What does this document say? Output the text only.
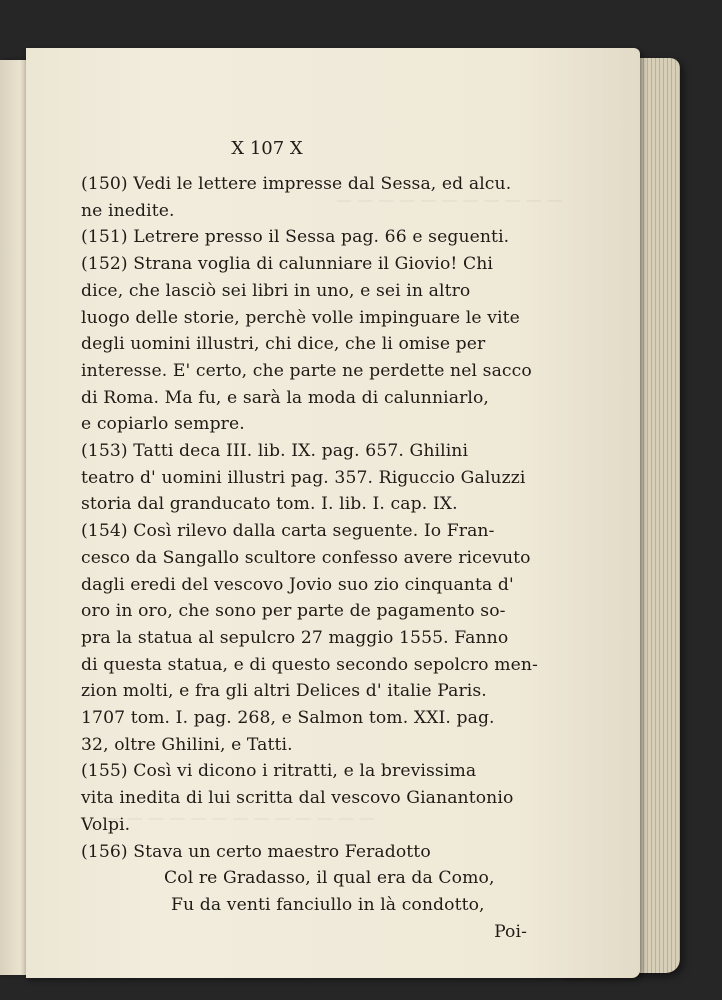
— — — — — — — — — — —
— — — — — — — — — — — — —
X 107 X
(150) Vedi le lettere impresse dal Sessa, ed alcu.
ne inedite.
(151) Letrere presso il Sessa pag. 66 e seguenti.
(152) Strana voglia di calunniare il Giovio! Chi
dice, che lasciò sei libri in uno, e sei in altro
luogo delle storie, perchè volle impinguare le vite
degli uomini illustri, chi dice, che li omise per
interesse. E' certo, che parte ne perdette nel sacco
di Roma. Ma fu, e sarà la moda di calunniarlo,
e copiarlo sempre.
(153) Tatti deca III. lib. IX. pag. 657. Ghilini
teatro d' uomini illustri pag. 357. Riguccio Galuzzi
storia dal granducato tom. I. lib. I. cap. IX.
(154) Così rilevo dalla carta seguente. Io Fran-
cesco da Sangallo scultore confesso avere ricevuto
dagli eredi del vescovo Jovio suo zio cinquanta d'
oro in oro, che sono per parte de pagamento so-
pra la statua al sepulcro 27 maggio 1555. Fanno
di questa statua, e di questo secondo sepolcro men-
zion molti, e fra gli altri Delices d' italie Paris.
1707 tom. I. pag. 268, e Salmon tom. XXI. pag.
32, oltre Ghilini, e Tatti.
(155) Così vi dicono i ritratti, e la brevissima
vita inedita di lui scritta dal vescovo Gianantonio
Volpi.
(156) Stava un certo maestro Feradotto
Col re Gradasso, il qual era da Como,
Fu da venti fanciullo in là condotto,
Poi-
